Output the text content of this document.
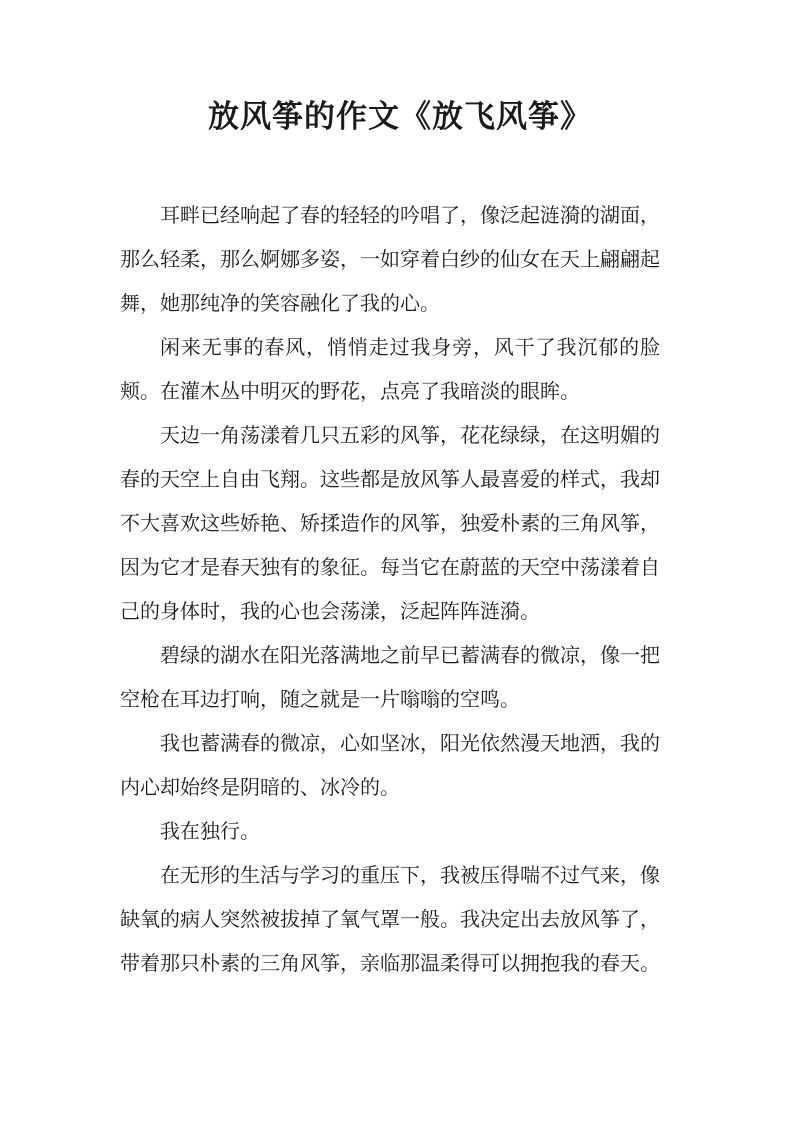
放风筝的作文《放飞风筝》

耳畔已经响起了春的轻轻的吟唱了，像泛起涟漪的湖面，那么轻柔，那么婀娜多姿，一如穿着白纱的仙女在天上翩翩起舞，她那纯净的笑容融化了我的心。

闲来无事的春风，悄悄走过我身旁，风干了我沉郁的脸颊。在灌木丛中明灭的野花，点亮了我暗淡的眼眸。

天边一角荡漾着几只五彩的风筝，花花绿绿，在这明媚的春的天空上自由飞翔。这些都是放风筝人最喜爱的样式，我却不大喜欢这些娇艳、矫揉造作的风筝，独爱朴素的三角风筝，因为它才是春天独有的象征。每当它在蔚蓝的天空中荡漾着自己的身体时，我的心也会荡漾，泛起阵阵涟漪。

碧绿的湖水在阳光落满地之前早已蓄满春的微凉，像一把空枪在耳边打响，随之就是一片嗡嗡的空鸣。

我也蓄满春的微凉，心如坚冰，阳光依然漫天地洒，我的内心却始终是阴暗的、冰冷的。

我在独行。

在无形的生活与学习的重压下，我被压得喘不过气来，像缺氧的病人突然被拔掉了氧气罩一般。我决定出去放风筝了，带着那只朴素的三角风筝，亲临那温柔得可以拥抱我的春天。
